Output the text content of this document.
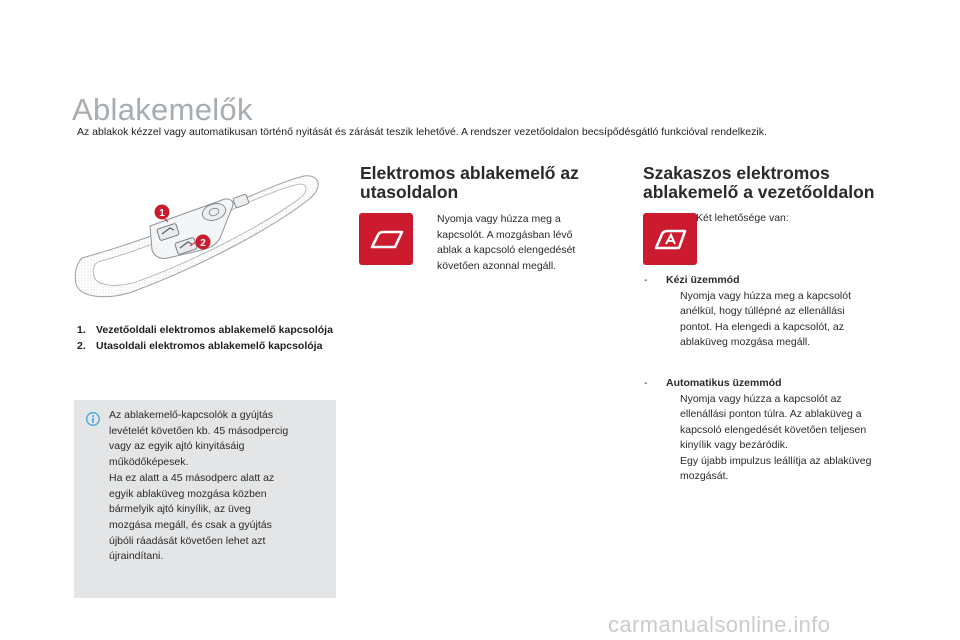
Ablakemelők
Az ablakok kézzel vagy automatikusan történő nyitását és zárását teszik lehetővé. A rendszer vezetőoldalon becsípődésgátló funkcióval rendelkezik.
1
2
1. Vezetőoldali elektromos ablakemelő kapcsolója
2. Utasoldali elektromos ablakemelő kapcsolója
Az ablakemelő-kapcsolók a gyújtás
levételét követően kb. 45 másodpercig
vagy az egyik ajtó kinyitásáig
működőképesek.
Ha ez alatt a 45 másodperc alatt az
egyik ablaküveg mozgása közben
bármelyik ajtó kinyílik, az üveg
mozgása megáll, és csak a gyújtás
újbóli ráadását követően lehet azt
újraindítani.
Elektromos ablakemelő az
utasoldalon
Nyomja vagy húzza meg a
kapcsolót. A mozgásban lévő
ablak a kapcsoló elengedését
követően azonnal megáll.
Szakaszos elektromos
ablakemelő a vezetőoldalon
Két lehetősége van:
- Kézi üzemmód
Nyomja vagy húzza meg a kapcsolót
anélkül, hogy túllépné az ellenállási
pontot. Ha elengedi a kapcsolót, az
ablaküveg mozgása megáll.
- Automatikus üzemmód
Nyomja vagy húzza a kapcsolót az
ellenállási ponton túlra. Az ablaküveg a
kapcsoló elengedését követően teljesen
kinyílik vagy bezáródik.
Egy újabb impulzus leállítja az ablaküveg
mozgását.
carmanualsonline.info
